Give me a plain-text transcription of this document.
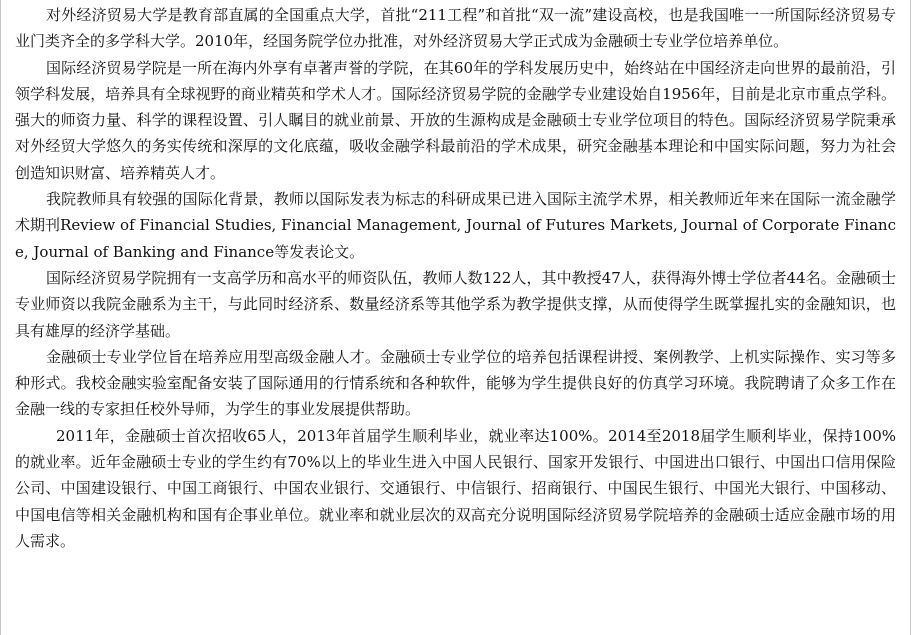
对外经济贸易大学是教育部直属的全国重点大学，首批“211工程”和首批“双一流”建设高校，也是我国唯一一所国际经济贸易专业门类齐全的多学科大学。2010年，经国务院学位办批准，对外经济贸易大学正式成为金融硕士专业学位培养单位。

国际经济贸易学院是一所在海内外享有卓著声誉的学院，在其60年的学科发展历史中，始终站在中国经济走向世界的最前沿，引领学科发展，培养具有全球视野的商业精英和学术人才。国际经济贸易学院的金融学专业建设始自1956年，目前是北京市重点学科。强大的师资力量、科学的课程设置、引人瞩目的就业前景、开放的生源构成是金融硕士专业学位项目的特色。国际经济贸易学院秉承对外经贸大学悠久的务实传统和深厚的文化底蕴，吸收金融学科最前沿的学术成果，研究金融基本理论和中国实际问题，努力为社会创造知识财富、培养精英人才。

我院教师具有较强的国际化背景，教师以国际发表为标志的科研成果已进入国际主流学术界，相关教师近年来在国际一流金融学术期刊Review of Financial Studies, Financial Management, Journal of Futures Markets, Journal of Corporate Finance, Journal of Banking and Finance等发表论文。

国际经济贸易学院拥有一支高学历和高水平的师资队伍，教师人数122人，其中教授47人，获得海外博士学位者44名。金融硕士专业师资以我院金融系为主干，与此同时经济系、数量经济系等其他学系为教学提供支撑，从而使得学生既掌握扎实的金融知识，也具有雄厚的经济学基础。

金融硕士专业学位旨在培养应用型高级金融人才。金融硕士专业学位的培养包括课程讲授、案例教学、上机实际操作、实习等多种形式。我校金融实验室配备安装了国际通用的行情系统和各种软件，能够为学生提供良好的仿真学习环境。我院聘请了众多工作在金融一线的专家担任校外导师，为学生的事业发展提供帮助。

2011年，金融硕士首次招收65人，2013年首届学生顺利毕业，就业率达100%。2014至2018届学生顺利毕业，保持100%的就业率。近年金融硕士专业的学生约有70%以上的毕业生进入中国人民银行、国家开发银行、中国进出口银行、中国出口信用保险公司、中国建设银行、中国工商银行、中国农业银行、交通银行、中信银行、招商银行、中国民生银行、中国光大银行、中国移动、中国电信等相关金融机构和国有企事业单位。就业率和就业层次的双高充分说明国际经济贸易学院培养的金融硕士适应金融市场的用人需求。
